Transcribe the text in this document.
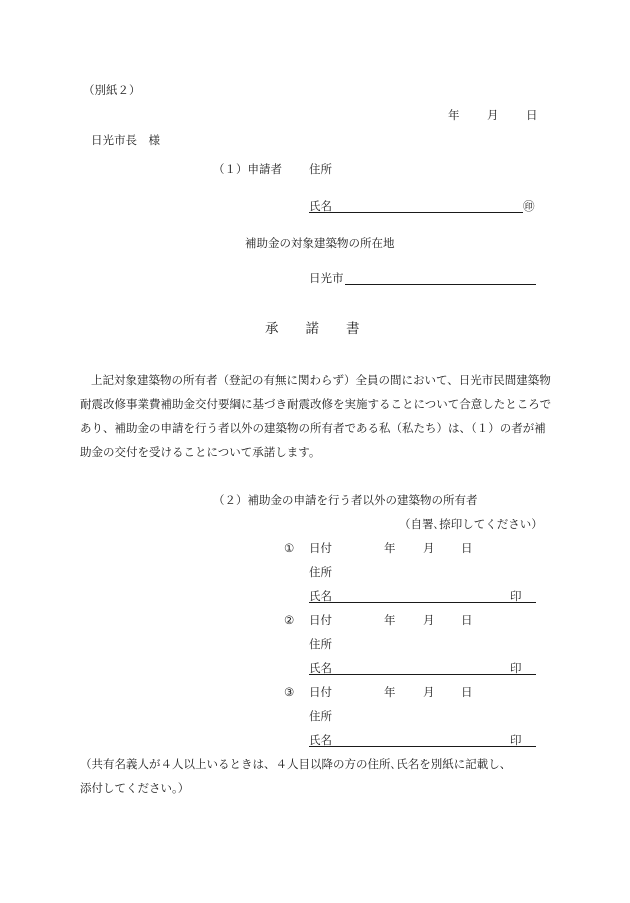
（別紙２）
年 月 日
日光市長　様
（１）申請者 住所
氏名	㊞
補助金の対象建築物の所在地
日光市
承　　諾　　書
上記対象建築物の所有者（登記の有無に関わらず）全員の間において、日光市民間建築物耐震改修事業費補助金交付要綱に基づき耐震改修を実施することについて合意したところであり、補助金の申請を行う者以外の建築物の所有者である私（私たち）は、（１）の者が補助金の交付を受けることについて承諾します。
（２）補助金の申請を行う者以外の建築物の所有者
（自署､捺印してください）
① 日付	年 月 日
住所
氏名	印
② 日付	年 月 日
住所
氏名	印
③ 日付	年 月 日
住所
氏名	印
（共有名義人が４人以上いるときは、４人目以降の方の住所､氏名を別紙に記載し、
添付してください。）
